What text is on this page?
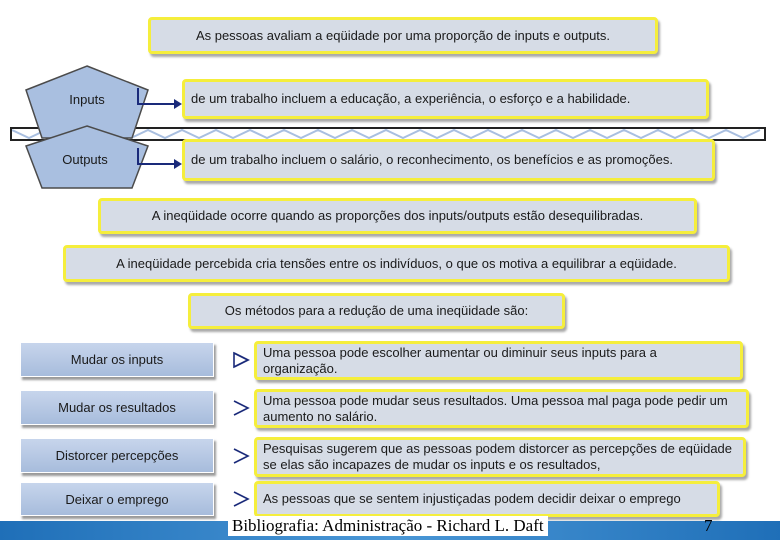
As pessoas avaliam a eqüidade por uma proporção de inputs e outputs.
Inputs
Outputs
de um trabalho incluem a educação, a experiência, o esforço e a habilidade.
de um trabalho incluem o salário, o reconhecimento, os benefícios e as promoções.
A ineqüidade ocorre quando as proporções dos inputs/outputs estão desequilibradas.
A ineqüidade percebida cria tensões entre os indivíduos, o que os motiva a equilibrar a eqüidade.
Os métodos para a redução de uma ineqüidade são:
Mudar os inputs	Uma pessoa pode escolher aumentar ou diminuir seus inputs para a organização.
Mudar os resultados	Uma pessoa pode mudar seus resultados. Uma pessoa mal paga pode pedir um aumento no salário.
Distorcer percepções	Pesquisas sugerem que as pessoas podem distorcer as percepções de eqüidade se elas são incapazes de mudar os inputs e os resultados,
Deixar o emprego	As pessoas que se sentem injustiçadas podem decidir deixar o emprego
Bibliografia: Administração - Richard L. Daft	7
